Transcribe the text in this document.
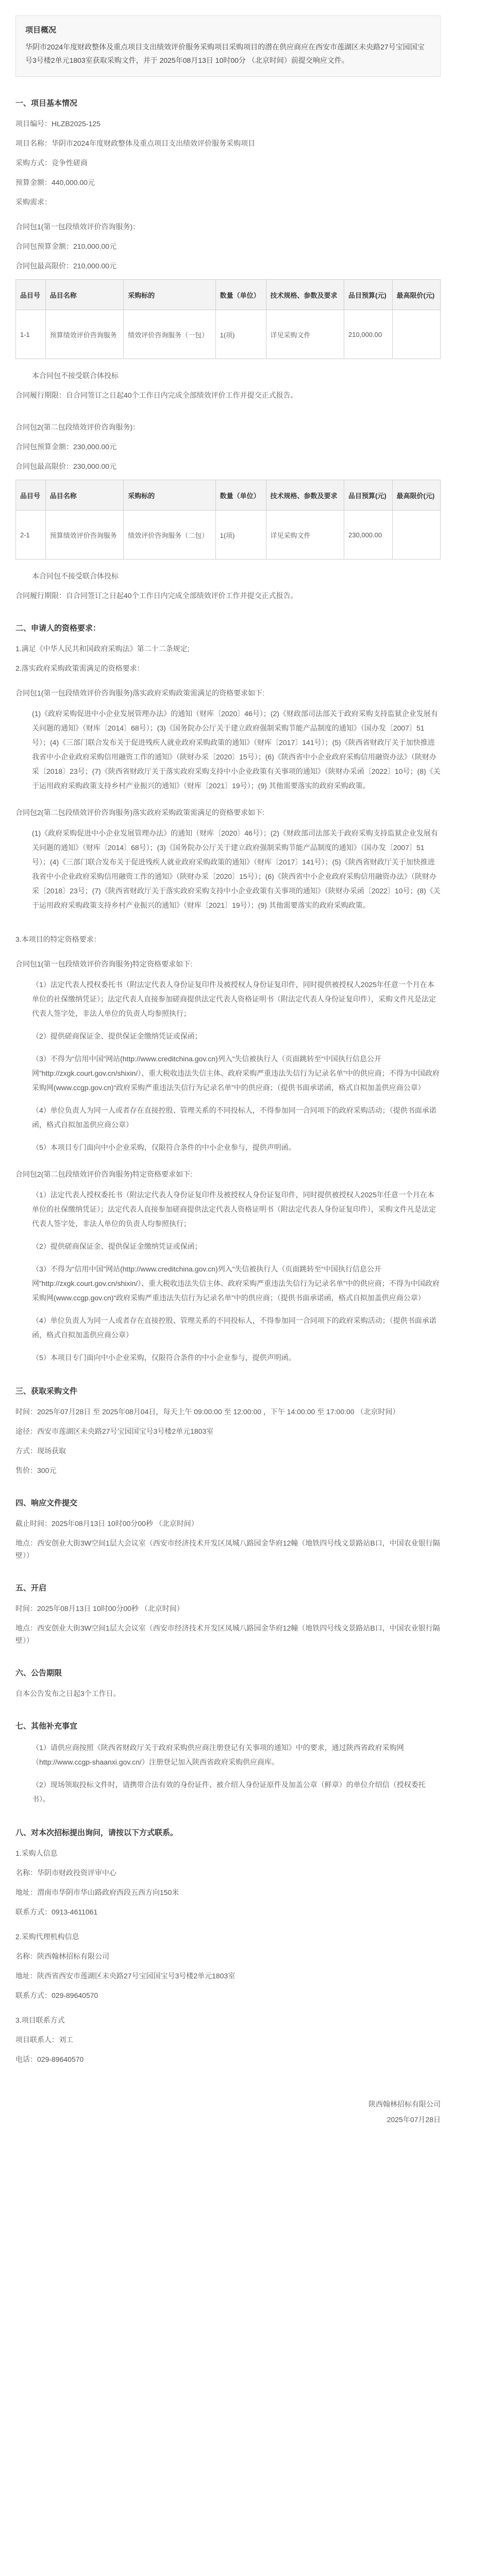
项目概况
华阴市2024年度财政整体及重点项目支出绩效评价服务采购项目采购项目的潜在供应商应在西安市莲湖区未央路27号宝园国宝号3号楼2单元1803室获取采购文件，并于 2025年08月13日 10时00分 （北京时间）前提交响应文件。
一、项目基本情况

项目编号：HLZB2025-125

项目名称：华阴市2024年度财政整体及重点项目支出绩效评价服务采购项目

采购方式：竞争性磋商

预算金额：440,000.00元

采购需求：

合同包1(第一包段绩效评价咨询服务)：

合同包预算金额：210,000.00元

合同包最高限价：210,000.00元

品目号	品目名称	采购标的	数量（单位）	技术规格、参数及要求	品目预算(元)	最高限价(元)
1-1	预算绩效评价咨询服务	绩效评价咨询服务（一包）	1(项)	详见采购文件	210,000.00	

本合同包不接受联合体投标

合同履行期限：自合同签订之日起40个工作日内完成全部绩效评价工作并提交正式报告。

合同包2(第二包段绩效评价咨询服务)：

合同包预算金额：230,000.00元

合同包最高限价：230,000.00元

品目号	品目名称	采购标的	数量（单位）	技术规格、参数及要求	品目预算(元)	最高限价(元)
2-1	预算绩效评价咨询服务	绩效评价咨询服务（二包）	1(项)	详见采购文件	230,000.00	

本合同包不接受联合体投标

合同履行期限：自合同签订之日起40个工作日内完成全部绩效评价工作并提交正式报告。

二、申请人的资格要求：

1.满足《中华人民共和国政府采购法》第二十二条规定;

2.落实政府采购政策需满足的资格要求：

合同包1(第一包段绩效评价咨询服务)落实政府采购政策需满足的资格要求如下:

(1)《政府采购促进中小企业发展管理办法》的通知（财库〔2020〕46号）；(2)《财政部司法部关于政府采购支持监狱企业发展有关问题的通知》（财库〔2014〕68号）；(3)《国务院办公厅关于建立政府强制采购节能产品制度的通知》（国办发〔2007〕51号）；(4)《三部门联合发布关于促进残疾人就业政府采购政策的通知》（财库〔2017〕141号）；(5)《陕西省财政厅关于加快推进我省中小企业政府采购信用融资工作的通知》（陕财办采〔2020〕15号）；(6)《陕西省中小企业政府采购信用融资办法》（陕财办采〔2018〕23号；(7)《陕西省财政厅关于落实政府采购支持中小企业政策有关事项的通知》（陕财办采函〔2022〕10号；(8)《关于运用政府采购政策支持乡村产业振兴的通知》（财库〔2021〕19号）；(9) 其他需要落实的政府采购政策。

合同包2(第二包段绩效评价咨询服务)落实政府采购政策需满足的资格要求如下:

(1)《政府采购促进中小企业发展管理办法》的通知（财库〔2020〕46号）；(2)《财政部司法部关于政府采购支持监狱企业发展有关问题的通知》（财库〔2014〕68号）；(3)《国务院办公厅关于建立政府强制采购节能产品制度的通知》（国办发〔2007〕51号）；(4)《三部门联合发布关于促进残疾人就业政府采购政策的通知》（财库〔2017〕141号）；(5)《陕西省财政厅关于加快推进我省中小企业政府采购信用融资工作的通知》（陕财办采〔2020〕15号）；(6)《陕西省中小企业政府采购信用融资办法》（陕财办采〔2018〕23号；(7)《陕西省财政厅关于落实政府采购支持中小企业政策有关事项的通知》（陕财办采函〔2022〕10号；(8)《关于运用政府采购政策支持乡村产业振兴的通知》（财库〔2021〕19号）；(9) 其他需要落实的政府采购政策。

3.本项目的特定资格要求：

合同包1(第一包段绩效评价咨询服务)特定资格要求如下:

（1）法定代表人授权委托书（附法定代表人身份证复印件及被授权人身份证复印件，同时提供被授权人2025年任意一个月在本单位的社保缴纳凭证）；法定代表人直接参加磋商提供法定代表人资格证明书（附法定代表人身份证复印件），采购文件凡是法定代表人签字处，非法人单位的负责人均参照执行；

（2）提供磋商保证金、提供保证金缴纳凭证或保函；

（3）不得为“信用中国”网站(http://www.creditchina.gov.cn)列入“失信被执行人（页面跳转至“中国执行信息公开网”http://zxgk.court.gov.cn/shixin/）、重大税收违法失信主体、政府采购严重违法失信行为记录名单”中的供应商；不得为中国政府采购网(www.ccgp.gov.cn)“政府采购严重违法失信行为记录名单”中的供应商；（提供书面承诺函，格式自拟加盖供应商公章）

（4）单位负责人为同一人或者存在直接控股、管理关系的不同投标人，不得参加同一合同项下的政府采购活动；（提供书面承诺函，格式自拟加盖供应商公章）

（5）本项目专门面向中小企业采购，仅限符合条件的中小企业参与，提供声明函。

合同包2(第二包段绩效评价咨询服务)特定资格要求如下:

（1）法定代表人授权委托书（附法定代表人身份证复印件及被授权人身份证复印件，同时提供被授权人2025年任意一个月在本单位的社保缴纳凭证）；法定代表人直接参加磋商提供法定代表人资格证明书（附法定代表人身份证复印件），采购文件凡是法定代表人签字处，非法人单位的负责人均参照执行；

（2）提供磋商保证金、提供保证金缴纳凭证或保函；

（3）不得为“信用中国”网站(http://www.creditchina.gov.cn)列入“失信被执行人（页面跳转至“中国执行信息公开网”http://zxgk.court.gov.cn/shixin/）、重大税收违法失信主体、政府采购严重违法失信行为记录名单”中的供应商；不得为中国政府采购网(www.ccgp.gov.cn)“政府采购严重违法失信行为记录名单”中的供应商；（提供书面承诺函，格式自拟加盖供应商公章）

（4）单位负责人为同一人或者存在直接控股、管理关系的不同投标人，不得参加同一合同项下的政府采购活动；（提供书面承诺函，格式自拟加盖供应商公章）

（5）本项目专门面向中小企业采购，仅限符合条件的中小企业参与，提供声明函。

三、获取采购文件

时间：2025年07月28日 至 2025年08月04日，每天上午 09:00:00 至 12:00:00 ，下午 14:00:00 至 17:00:00 （北京时间）

途径：西安市莲湖区未央路27号宝园国宝号3号楼2单元1803室

方式：现场获取

售价：300元

四、响应文件提交

截止时间：2025年08月13日 10时00分00秒 （北京时间）

地点：西安创业大街3W空间1层大会议室（西安市经济技术开发区凤城八路园金华府12幢（地铁四号线文景路站B口，中国农业银行隔壁））

五、开启

时间：2025年08月13日 10时00分00秒 （北京时间）

地点：西安创业大街3W空间1层大会议室（西安市经济技术开发区凤城八路园金华府12幢（地铁四号线文景路站B口，中国农业银行隔壁））

六、公告期限

自本公告发布之日起3个工作日。

七、其他补充事宜

（1）请供应商按照《陕西省财政厅关于政府采购供应商注册登记有关事项的通知》中的要求，通过陕西省政府采购网（http://www.ccgp-shaanxi.gov.cn/）注册登记加入陕西省政府采购供应商库。

（2）现场领取投标文件时，请携带合法有效的身份证件、被介绍人身份证原件及加盖公章（鲜章）的单位介绍信（授权委托书）。

八、对本次招标提出询问，请按以下方式联系。

1.采购人信息

名称：华阴市财政投资评审中心

地址：渭南市华阴市华山路政府西段五西方向150米

联系方式：0913-4611061

2.采购代理机构信息

名称：陕西翰林招标有限公司

地址：陕西省西安市莲湖区未央路27号宝园国宝号3号楼2单元1803室

联系方式：029-89640570

3.项目联系方式

项目联系人：刘工

电话：029-89640570

陕西翰林招标有限公司
2025年07月28日
